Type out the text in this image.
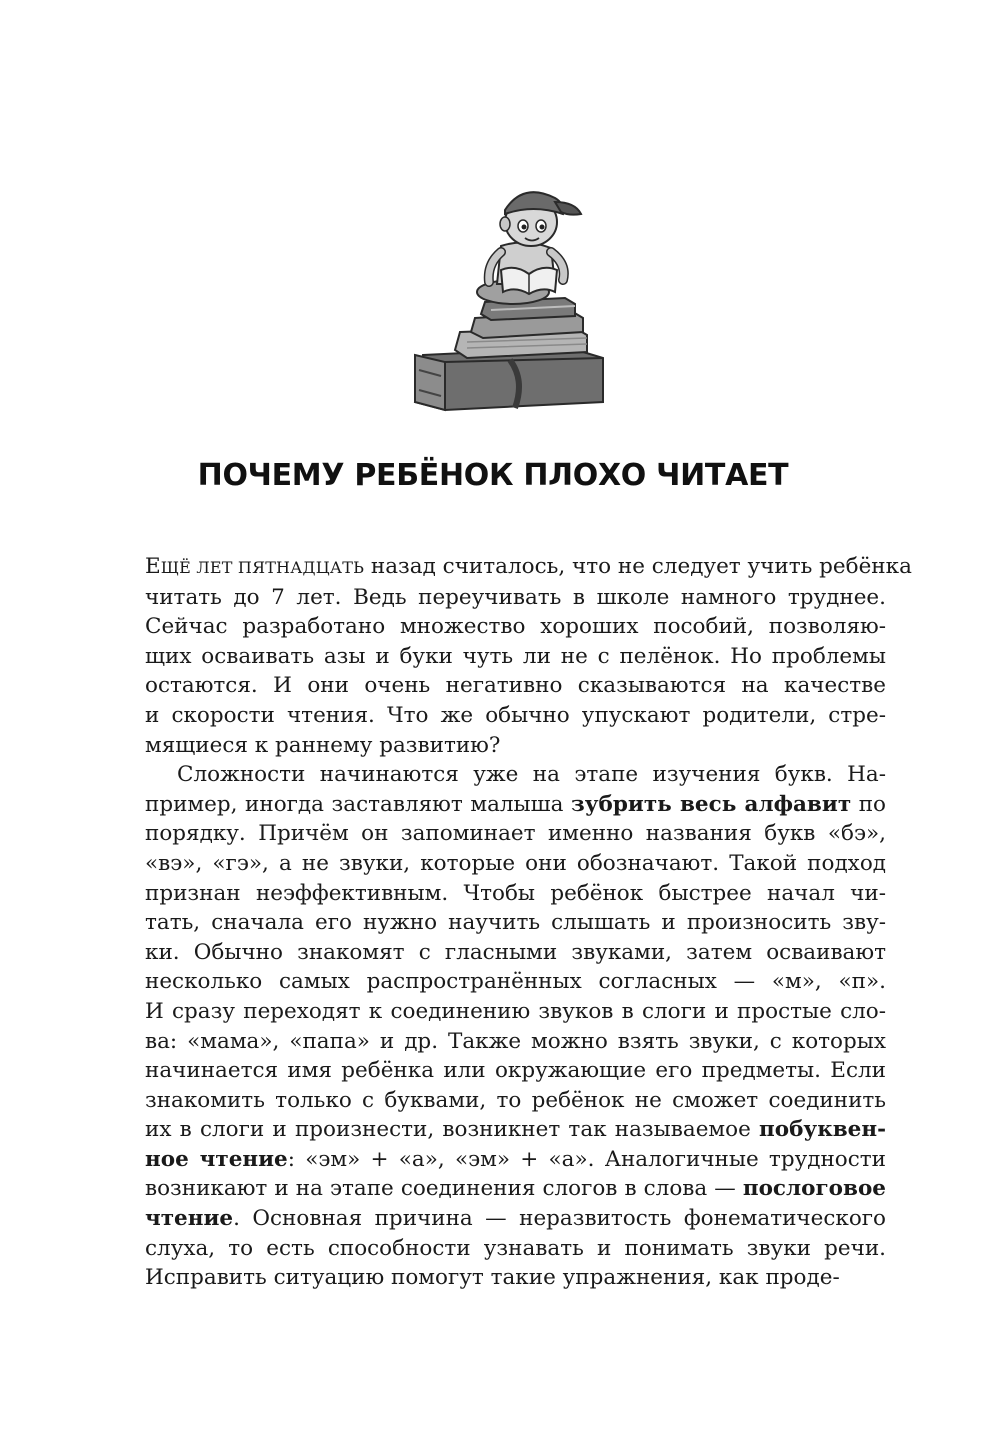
ПОЧЕМУ РЕБЁНОК ПЛОХО ЧИТАЕТ
ЕЩЁ ЛЕТ ПЯТНАДЦАТЬ назад считалось, что не следует учить ребёнка
читать до 7 лет. Ведь переучивать в школе намного труднее.
Сейчас разработано множество хороших пособий, позволяю-
щих осваивать азы и буки чуть ли не с пелёнок. Но проблемы
остаются. И они очень негативно сказываются на качестве
и скорости чтения. Что же обычно упускают родители, стре-
мящиеся к раннему развитию?
Сложности начинаются уже на этапе изучения букв. На-
пример, иногда заставляют малыша зубрить весь алфавит по
порядку. Причём он запоминает именно названия букв «бэ»,
«вэ», «гэ», а не звуки, которые они обозначают. Такой подход
признан неэффективным. Чтобы ребёнок быстрее начал чи-
тать, сначала его нужно научить слышать и произносить зву-
ки. Обычно знакомят с гласными звуками, затем осваивают
несколько самых распространённых согласных — «м», «п».
И сразу переходят к соединению звуков в слоги и простые сло-
ва: «мама», «папа» и др. Также можно взять звуки, с которых
начинается имя ребёнка или окружающие его предметы. Если
знакомить только с буквами, то ребёнок не сможет соединить
их в слоги и произнести, возникнет так называемое побуквен-
ное чтение: «эм» + «а», «эм» + «а». Аналогичные трудности
возникают и на этапе соединения слогов в слова — послоговое
чтение. Основная причина — неразвитость фонематического
слуха, то есть способности узнавать и понимать звуки речи.
Исправить ситуацию помогут такие упражнения, как проде-
